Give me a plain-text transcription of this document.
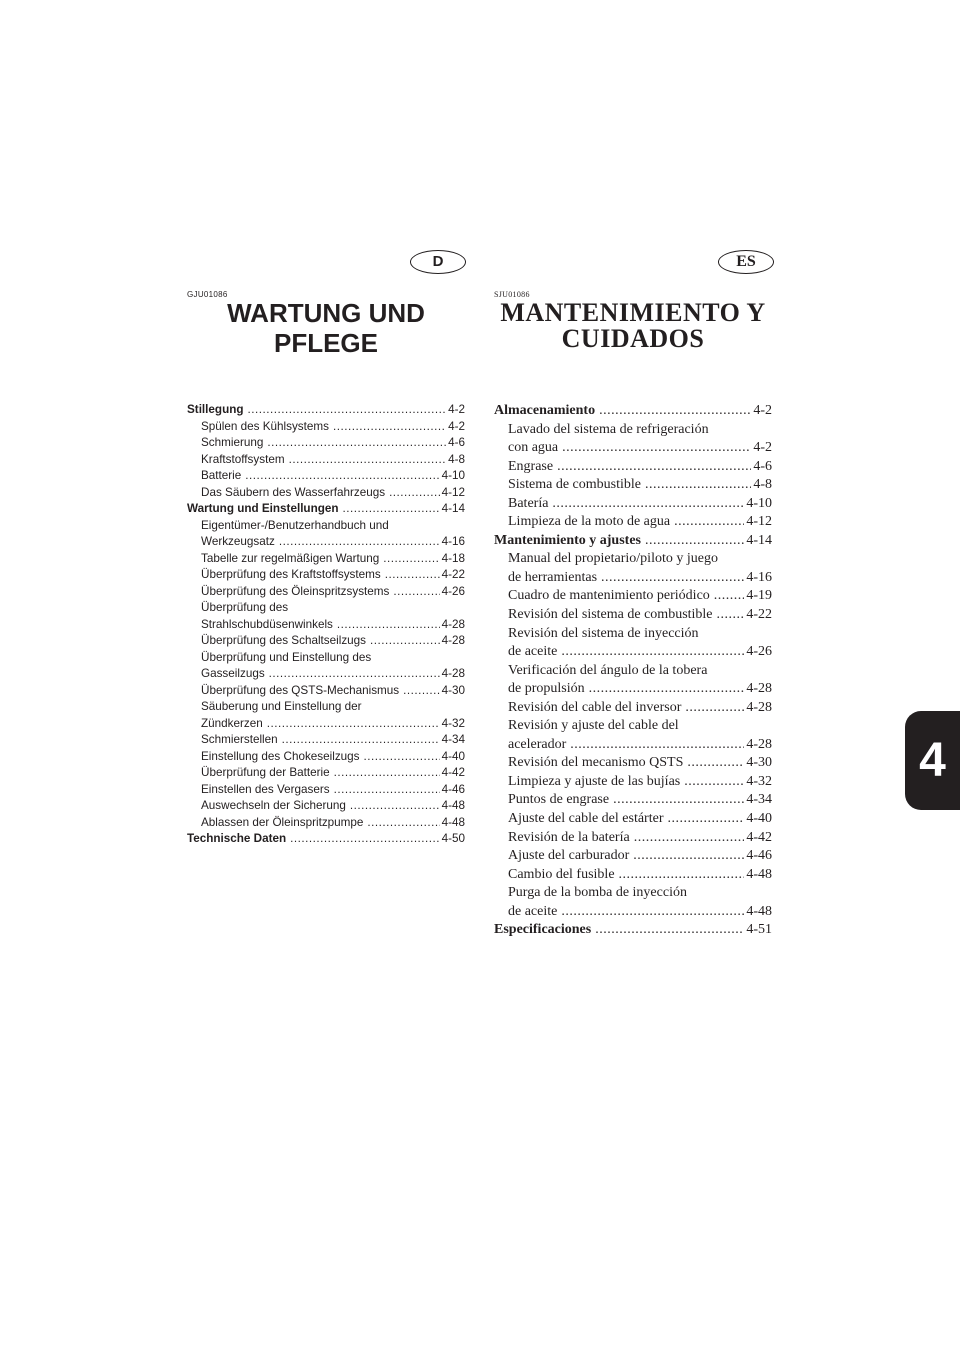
D
GJU01086
WARTUNG UND
PFLEGE
Stillegung .....	4-2
Spülen des Kühlsystems .....	4-2
Schmierung .....	4-6
Kraftstoffsystem .....	4-8
Batterie .....	4-10
Das Säubern des Wasserfahrzeugs .....	4-12
Wartung und Einstellungen .....	4-14
Eigentümer-/Benutzerhandbuch und
Werkzeugsatz .....	4-16
Tabelle zur regelmäßigen Wartung .....	4-18
Überprüfung des Kraftstoffsystems .....	4-22
Überprüfung des Öleinspritzsystems .....	4-26
Überprüfung des
Strahlschubdüsenwinkels .....	4-28
Überprüfung des Schaltseilzugs .....	4-28
Überprüfung und Einstellung des
Gasseilzugs .....	4-28
Überprüfung des QSTS-Mechanismus .....	4-30
Säuberung und Einstellung der
Zündkerzen .....	4-32
Schmierstellen .....	4-34
Einstellung des Chokeseilzugs .....	4-40
Überprüfung der Batterie .....	4-42
Einstellen des Vergasers .....	4-46
Auswechseln der Sicherung .....	4-48
Ablassen der Öleinspritzpumpe .....	4-48
Technische Daten .....	4-50
ES
SJU01086
MANTENIMIENTO Y
CUIDADOS
Almacenamiento .....	4-2
Lavado del sistema de refrigeración
con agua .....	4-2
Engrase .....	4-6
Sistema de combustible .....	4-8
Batería .....	4-10
Limpieza de la moto de agua .....	4-12
Mantenimiento y ajustes .....	4-14
Manual del propietario/piloto y juego
de herramientas .....	4-16
Cuadro de mantenimiento periódico .....	4-19
Revisión del sistema de combustible ..... 4-22
Revisión del sistema de inyección
de aceite .....	4-26
Verificación del ángulo de la tobera
de propulsión .....	4-28
Revisión del cable del inversor .....	4-28
Revisión y ajuste del cable del
acelerador .....	4-28
Revisión del mecanismo QSTS .....	4-30
Limpieza y ajuste de las bujías .....	4-32
Puntos de engrase .....	4-34
Ajuste del cable del estárter .....	4-40
Revisión de la batería .....	4-42
Ajuste del carburador .....	4-46
Cambio del fusible .....	4-48
Purga de la bomba de inyección
de aceite .....	4-48
Especificaciones .....	4-51
4
